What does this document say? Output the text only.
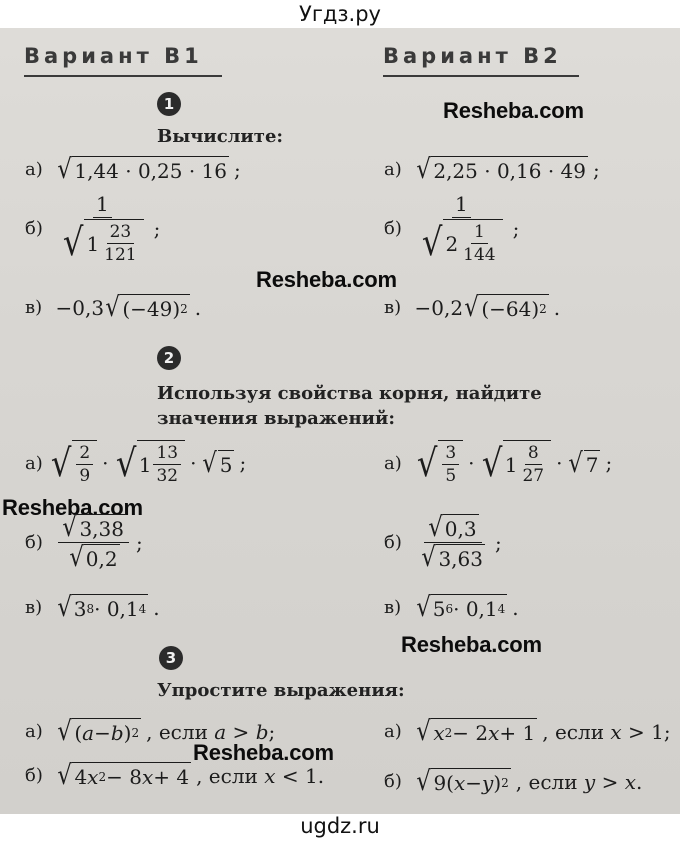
Угдз.ру
Вариант В1	Вариант В2
1
Вычислите:
Resheba.com
а) √ 1,44 · 0,25 · 16 ;	а) √ 2,25 · 0,16 · 49 ;
$б) \frac{1}{√ 1 \frac{23}{121}}$ ;	$б) \frac{1}{√ 2 \frac{1}{144}}$ ;
Resheba.com
в) −0,3 √ (−49) 2 .	в) −0,2 √ (−64) 2 .
2
Используя свойства корня, найдите значения выражений:
а) √ $\frac{2}{9}$ · √ $1 \frac{13}{32}$ · √ 5 ;	а) √ $\frac{3}{5}$ · √ $1 \frac{8}{27}$ · √ 7 ;
Resheba.com
$б) \frac{√ 3,38}{√ 0,2}$ ;	$б) \frac{√ 0,3}{√ 3,63}$ ;
в) √ 3 8 · 0,1 4 .	в) √ 5 6 · 0,1 4 .
Resheba.com
3
Упростите выражения:
а) √ ( a − b ) 2 , если a > b ;	а) √ x 2 − 2 x + 1 , если x > 1;
Resheba.com
б) √ 4 x 2 − 8 x + 4 , если x < 1.	б) √ 9( x − y ) 2 , если y > x .
ugdz.ru
